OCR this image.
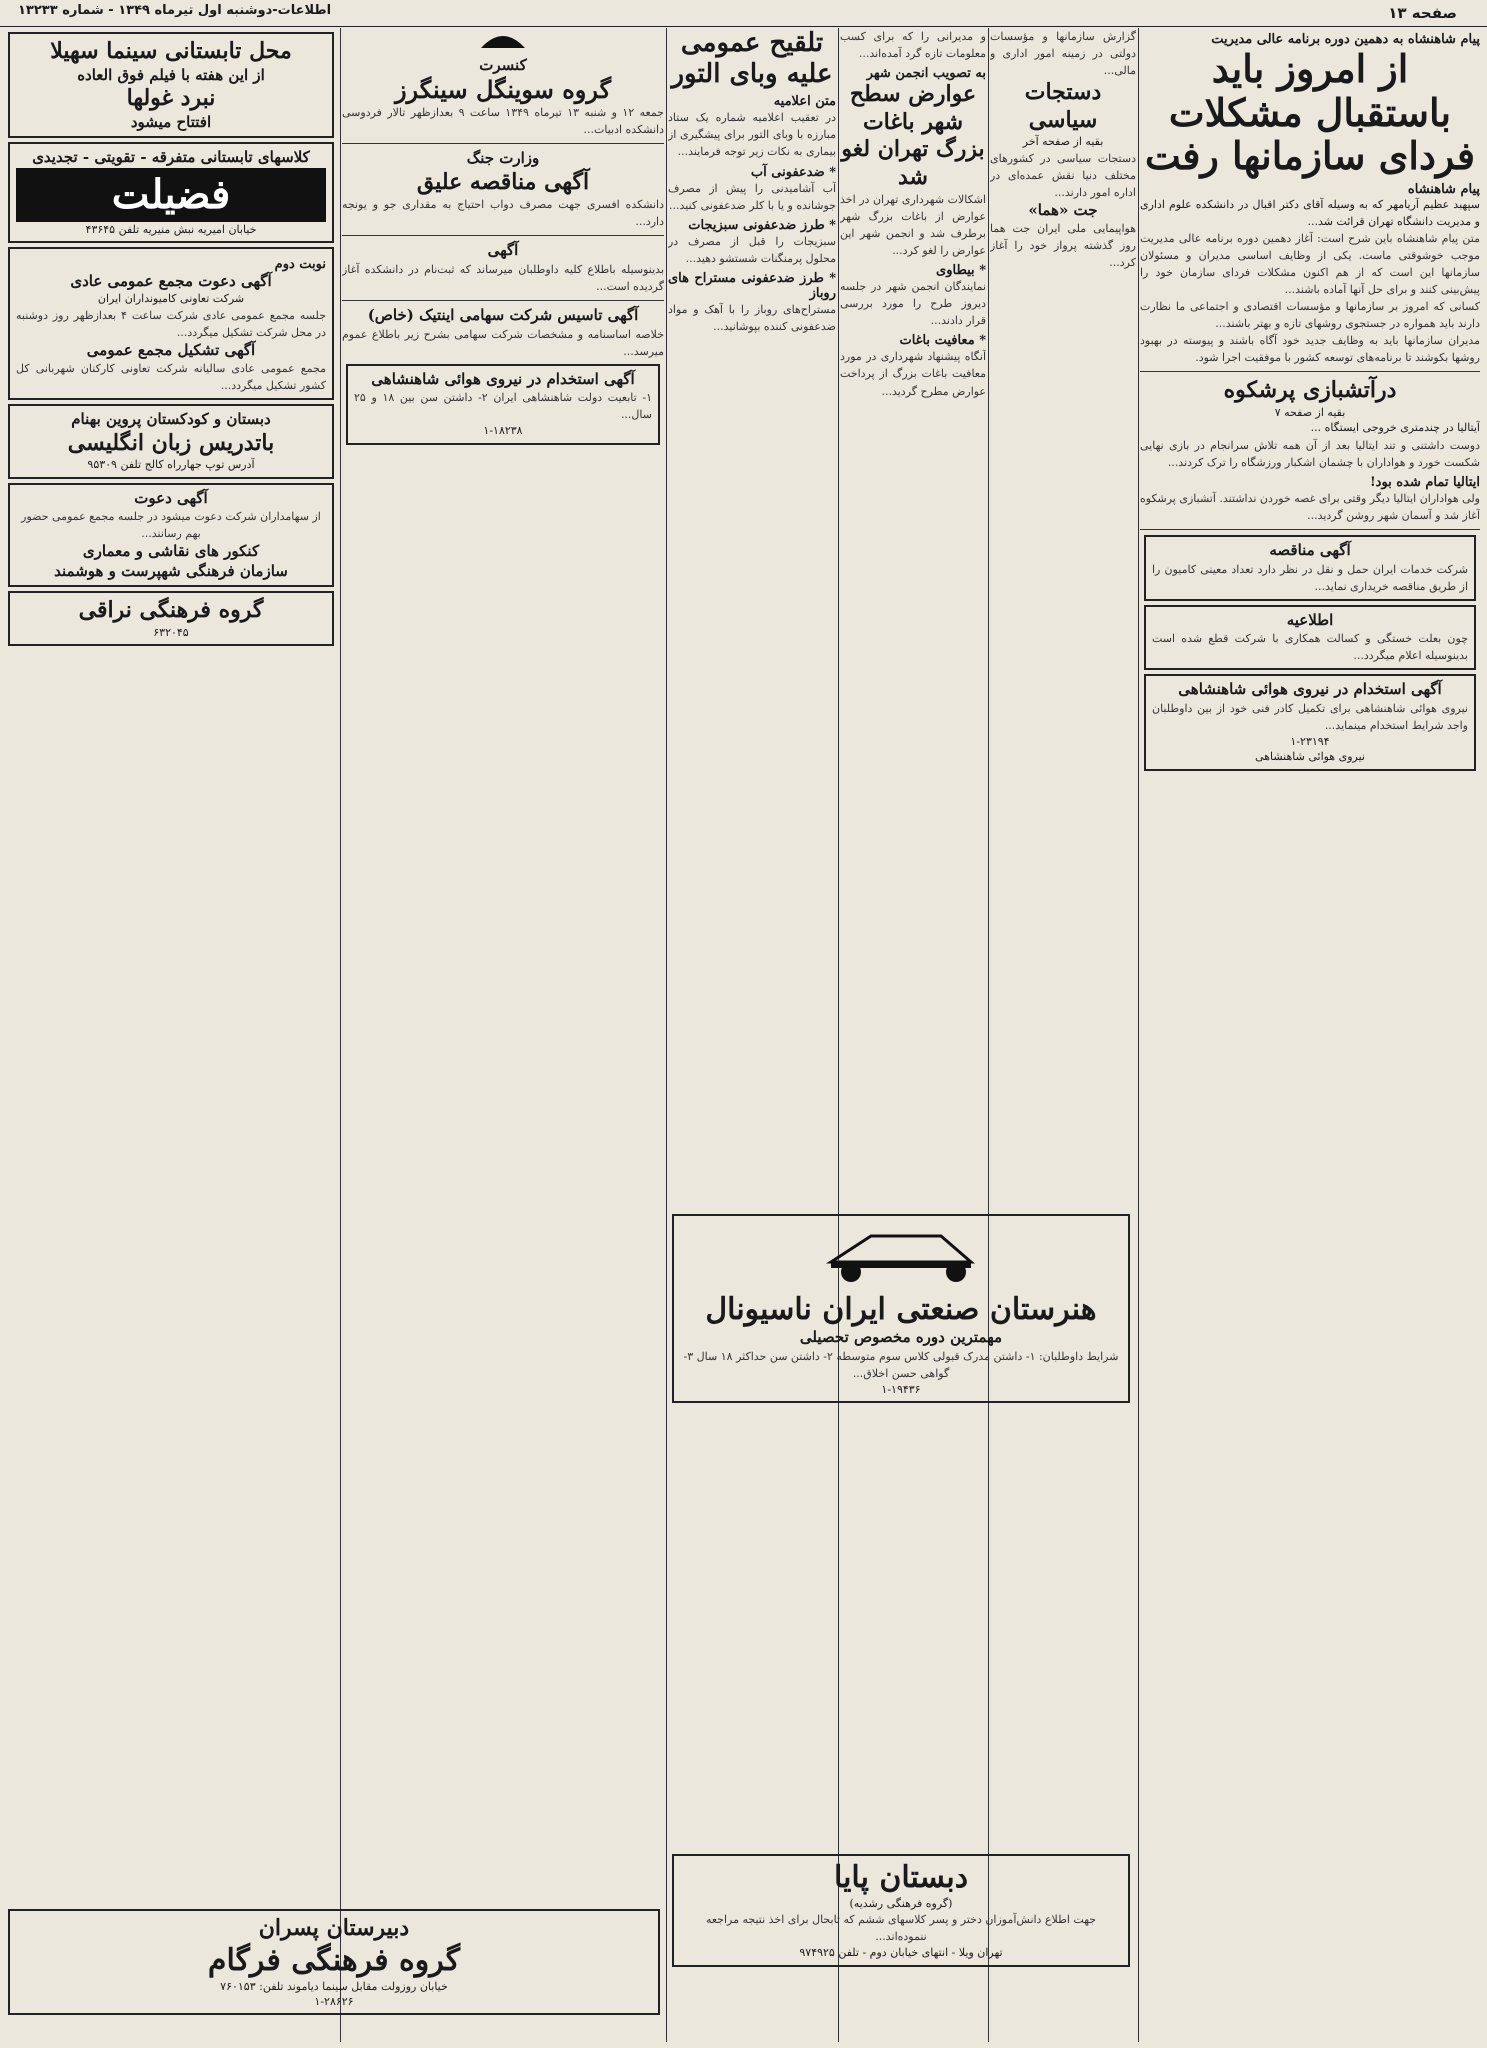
اطلاعات-دوشنبه اول تیرماه ۱۳۴۹ - شماره ۱۳۲۳۳	صفحه ۱۳
پیام شاهنشاه به دهمین دوره برنامه عالی مدیریت
از امروز باید باستقبال مشکلات فردای سازمانها رفت
پیام شاهنشاه
سپهبد عظیم آریامهر که به وسیله آقای دکتر اقبال در دانشکده علوم اداری و مدیریت دانشگاه تهران قرائت شد...
متن پیام شاهنشاه باین شرح است: آغاز دهمین دوره برنامه عالی مدیریت موجب خوشوقتی ماست. یکی از وظایف اساسی مدیران و مسئولان سازمانها این است که از هم اکنون مشکلات فردای سازمان خود را پیش‌بینی کنند و برای حل آنها آماده باشند...
کسانی که امروز بر سازمانها و مؤسسات اقتصادی و اجتماعی ما نظارت دارند باید همواره در جستجوی روشهای تازه و بهتر باشند...
مدیران سازمانها باید به وظایف جدید خود آگاه باشند و پیوسته در بهبود روشها بکوشند تا برنامه‌های توسعه کشور با موفقیت اجرا شود.
درآتشبازی پرشکوه
بقیه از صفحه ۷
آیتالیا در چندمتری خروجی ایستگاه ...
دوست داشتنی و تند ایتالیا بعد از آن همه تلاش سرانجام در بازی نهایی شکست خورد و هواداران با چشمان اشکبار ورزشگاه را ترک کردند...
ایتالیا تمام شده بود!
ولی هواداران ایتالیا دیگر وقتی برای غصه خوردن نداشتند. آتشبازی پرشکوه آغاز شد و آسمان شهر روشن گردید...
آگهی مناقصه
شرکت خدمات ایران حمل و نقل در نظر دارد تعداد معینی کامیون را از طریق مناقصه خریداری نماید...
اطلاعیه
چون بعلت خستگی و کسالت همکاری با شرکت قطع شده است بدینوسیله اعلام میگردد...
آگهی استخدام در نیروی هوائی شاهنشاهی
نیروی هوائی شاهنشاهی برای تکمیل کادر فنی خود از بین داوطلبان واجد شرایط استخدام مینماید...
۱-۲۳۱۹۴
نیروی هوائی شاهنشاهی
گزارش سازمانها و مؤسسات دولتی در زمینه امور اداری و مالی...
دستجات سیاسی
بقیه از صفحه آخر
دستجات سیاسی در کشورهای مختلف دنیا نقش عمده‌ای در اداره امور دارند...
جت «هما»
هواپیمایی ملی ایران جت هما روز گذشته پرواز خود را آغاز کرد...
و مدیرانی را که برای کسب معلومات تازه گرد آمده‌اند...
به تصویب انجمن شهر
عوارض سطح شهر باغات بزرگ تهران لغو شد
اشکالات شهرداری تهران در اخذ عوارض از باغات بزرگ شهر برطرف شد و انجمن شهر این عوارض را لغو کرد...
* بیطاوی
نمایندگان انجمن شهر در جلسه دیروز طرح را مورد بررسی قرار دادند...
* معافیت باغات
آنگاه پیشنهاد شهرداری در مورد معافیت باغات بزرگ از پرداخت عوارض مطرح گردید...
تلقیح عمومی علیه وبای التور
متن اعلامیه
در تعقیب اعلامیه شماره یک ستاد مبارزه با وبای التور برای پیشگیری از بیماری به نکات زیر توجه فرمایند...
* ضدعفونی آب
آب آشامیدنی را پیش از مصرف جوشانده و یا با کلر ضدعفونی کنید...
* طرز ضدعفونی سبزیجات
سبزیجات را قبل از مصرف در محلول پرمنگنات شستشو دهید...
* طرز ضدعفونی مستراح های روباز
مستراح‌های روباز را با آهک و مواد ضدعفونی کننده بپوشانید...
کنسرت
گروه سوینگل سینگرز
جمعه ۱۲ و شنبه ۱۳ تیرماه ۱۳۴۹ ساعت ۹ بعدازظهر تالار فردوسی دانشکده ادبیات...
وزارت جنگ
آگهی مناقصه علیق
دانشکده افسری جهت مصرف دواب احتیاج به مقداری جو و یونجه دارد...
آگهی
بدینوسیله باطلاع کلیه داوطلبان میرساند که ثبت‌نام در دانشکده آغاز گردیده است...
آگهی تاسیس شرکت سهامی اینتیک (خاص)
خلاصه اساسنامه و مشخصات شرکت سهامی بشرح زیر باطلاع عموم میرسد...
آگهی استخدام در نیروی هوائی شاهنشاهی
۱- تابعیت دولت شاهنشاهی ایران ۲- داشتن سن بین ۱۸ و ۲۵ سال...
۱-۱۸۲۳۸
محل تابستانی سینما سهیلا
از این هفته با فیلم فوق العاده
نبرد غولها
افتتاح میشود
کلاسهای تابستانی متفرقه - تقویتی - تجدیدی
فضیلت
خیابان امیریه نبش منیریه تلفن ۴۳۶۴۵
نوبت دوم
آگهی دعوت مجمع عمومی عادی
شرکت تعاونی کامیونداران ایران
جلسه مجمع عمومی عادی شرکت ساعت ۴ بعدازظهر روز دوشنبه در محل شرکت تشکیل میگردد...
آگهی تشکیل مجمع عمومی
مجمع عمومی عادی سالیانه شرکت تعاونی کارکنان شهربانی کل کشور تشکیل میگردد...
دبستان و کودکستان پروین بهنام
باتدریس زبان انگلیسی
آدرس توپ جهارراه کالج تلفن ۹۵۳۰۹
آگهی دعوت
از سهامداران شرکت دعوت میشود در جلسه مجمع عمومی حضور بهم رسانند...
کنکور های نقاشی و معماری
سازمان فرهنگی شهپرست و هوشمند
گروه فرهنگی نراقی
۶۳۲۰۴۵
هنرستان صنعتی ایران ناسیونال
مهمترین دوره مخصوص تحصیلی
شرایط داوطلبان: ۱- داشتن مدرک قبولی کلاس سوم متوسطه ۲- داشتن سن حداکثر ۱۸ سال ۳- گواهی حسن اخلاق...
۱-۱۹۴۳۶
دبستان پایا
(گروه فرهنگی رشدیه)
جهت اطلاع دانش‌آموزان دختر و پسر کلاسهای ششم که تابحال برای اخذ نتیجه مراجعه ننموده‌اند...
تهران ویلا - انتهای خیابان دوم - تلفن ۹۷۴۹۲۵
دبیرستان پسران
گروه فرهنگی فرگام
خیابان روزولت مقابل سینما دیاموند تلفن: ۷۶۰۱۵۳
۱-۲۸۶۲۶
